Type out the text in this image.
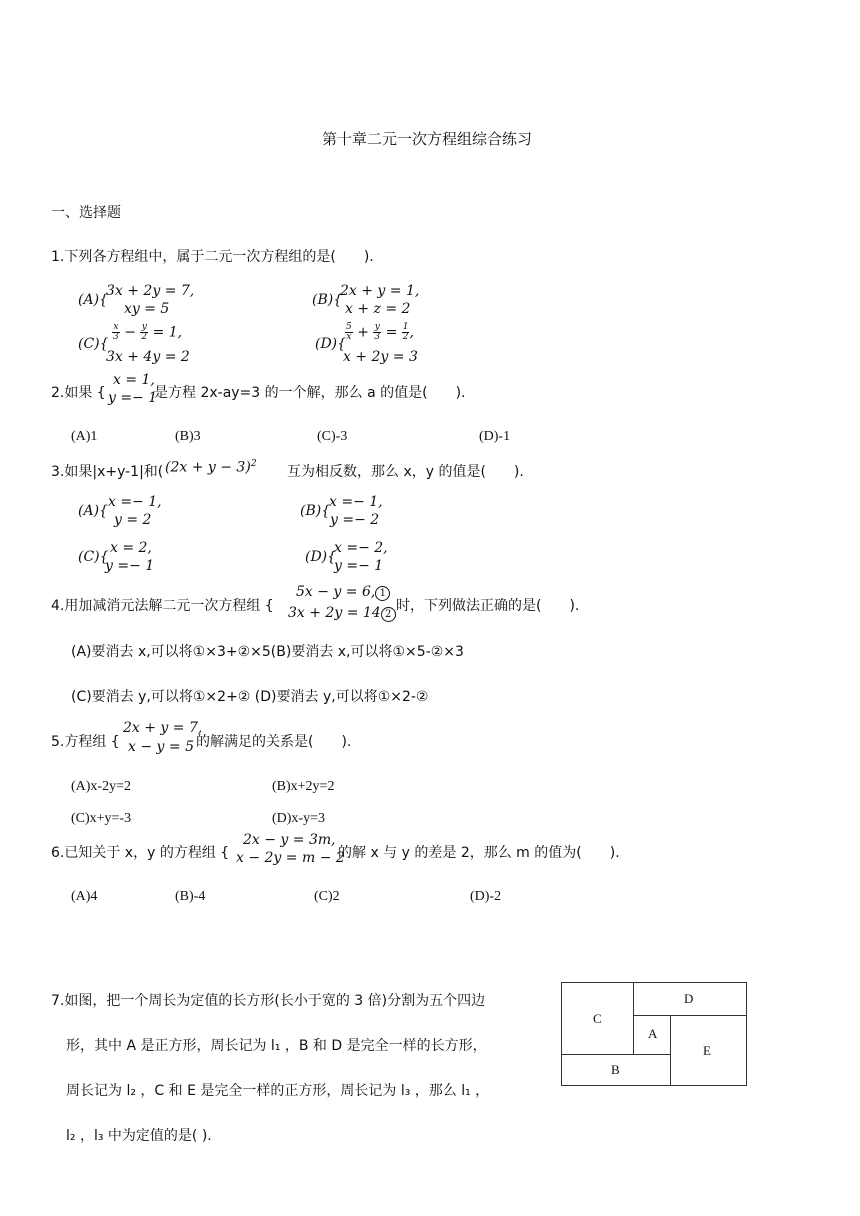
第十章二元一次方程组综合练习
一、选择题
1.下列各方程组中，属于二元一次方程组的是(　　).
(A){
3x + 2y = 7,
xy = 5
(B){
2x + y = 1,
x + z = 2
(C){
$\frac{x}{3} - \frac{y}{2} = 1$,
3x + 4y = 2
(D){
$\frac{5}{x} + \frac{y}{3} = \frac{1}{2}$ ,
x + 2y = 3
2.如果 {
x = 1,
y =− 1
是方程 2x-ay=3 的一个解，那么 a 的值是(　　).
(A)1	(B)3	(C)-3	(D)-1
3.如果|x+y-1|和( $(2x + y - 3)^2$ 互为相反数，那么 x，y 的值是(　　).
(A){
x =− 1,
y = 2
(B){
x =− 1,
y =− 2
(C){
x = 2,
y =− 1
(D){
x =− 2,
y =− 1
4.用加减消元法解二元一次方程组 {
5x − y = 6, 1
3x + 2y = 14 2
时，下列做法正确的是(　　).
(A)要消去 x,可以将①×3+②×5(B)要消去 x,可以将①×5-②×3
(C)要消去 y,可以将①×2+② (D)要消去 y,可以将①×2-②
5.方程组 {
2x + y = 7,
x − y = 5 的解满足的关系是(　　).
(A)x-2y=2	(B)x+2y=2
(C)x+y=-3	(D)x-y=3
6.已知关于 x，y 的方程组 {
2x − y = 3m,
x − 2y = m − 2
的解 x 与 y 的差是 2，那么 m 的值为(　　).
(A)4	(B)-4	(C)2	(D)-2
7.如图，把一个周长为定值的长方形(长小于宽的 3 倍)分割为五个四边
形，其中 A 是正方形，周长记为 l₁ ，B 和 D 是完全一样的长方形，
周长记为 l₂ ，C 和 E 是完全一样的正方形，周长记为 l₃ ，那么 l₁ ，
l₂ ，l₃ 中为定值的是( ).
C
D
A
E
B
